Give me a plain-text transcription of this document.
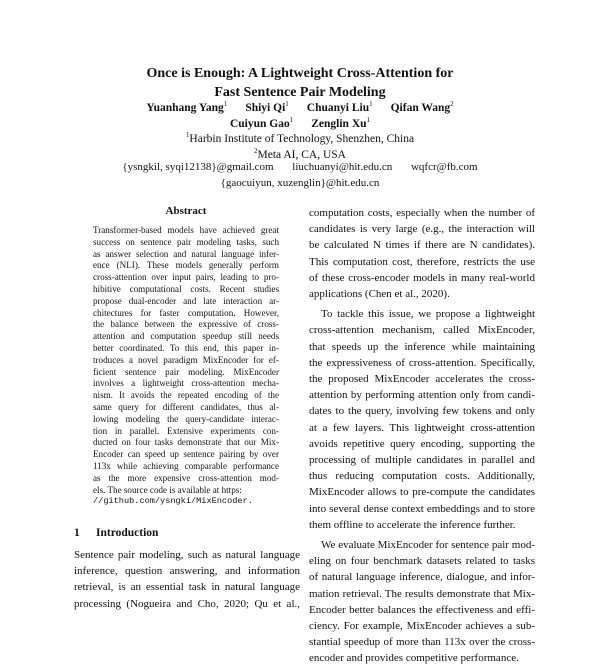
Once is Enough: A Lightweight Cross-Attention for
Fast Sentence Pair Modeling
Yuanhang Yang$^1$ Shiyi Qi$^1$ Chuanyi Liu$^1$ Qifan Wang$^2$
Cuiyun Gao$^1$ Zenglin Xu$^1$
$^1$Harbin Institute of Technology, Shenzhen, China
$^2$Meta AI, CA, USA
{ysngkil, syqi12138}@gmail.com liuchuanyi@hit.edu.cn wqfcr@fb.com
{gaocuiyun, xuzenglin}@hit.edu.cn
Abstract
Transformer-based models have achieved great
success on sentence pair modeling tasks, such
as answer selection and natural language infer-
ence (NLI). These models generally perform
cross-attention over input pairs, leading to pro-
hibitive computational costs. Recent studies
propose dual-encoder and late interaction ar-
chitectures for faster computation. However,
the balance between the expressive of cross-
attention and computation speedup still needs
better coordinated. To this end, this paper in-
troduces a novel paradigm MixEncoder for ef-
ficient sentence pair modeling. MixEncoder
involves a lightweight cross-attention mecha-
nism. It avoids the repeated encoding of the
same query for different candidates, thus al-
lowing modeling the query-candidate interac-
tion in parallel. Extensive experiments con-
ducted on four tasks demonstrate that our Mix-
Encoder can speed up sentence pairing by over
113x while achieving comparable performance
as the more expensive cross-attention mod-
els. The source code is available at https:
//github.com/ysngki/MixEncoder.
1 Introduction
Sentence pair modeling, such as natural language
inference, question answering, and information
retrieval, is an essential task in natural language
processing (Nogueira and Cho, 2020; Qu et al.,

computation costs, especially when the number of
candidates is very large (e.g., the interaction will
be calculated N times if there are N candidates).
This computation cost, therefore, restricts the use
of these cross-encoder models in many real-world
applications (Chen et al., 2020).

To tackle this issue, we propose a lightweight
cross-attention mechanism, called MixEncoder,
that speeds up the inference while maintaining
the expressiveness of cross-attention. Specifically,
the proposed MixEncoder accelerates the cross-
attention by performing attention only from candi-
dates to the query, involving few tokens and only
at a few layers. This lightweight cross-attention
avoids repetitive query encoding, supporting the
processing of multiple candidates in parallel and
thus reducing computation costs. Additionally,
MixEncoder allows to pre-compute the candidates
into several dense context embeddings and to store
them offline to accelerate the inference further.

We evaluate MixEncoder for sentence pair mod-
eling on four benchmark datasets related to tasks
of natural language inference, dialogue, and infor-
mation retrieval. The results demonstrate that Mix-
Encoder better balances the effectiveness and effi-
ciency. For example, MixEncoder achieves a sub-
stantial speedup of more than 113x over the cross-
encoder and provides competitive performance.
